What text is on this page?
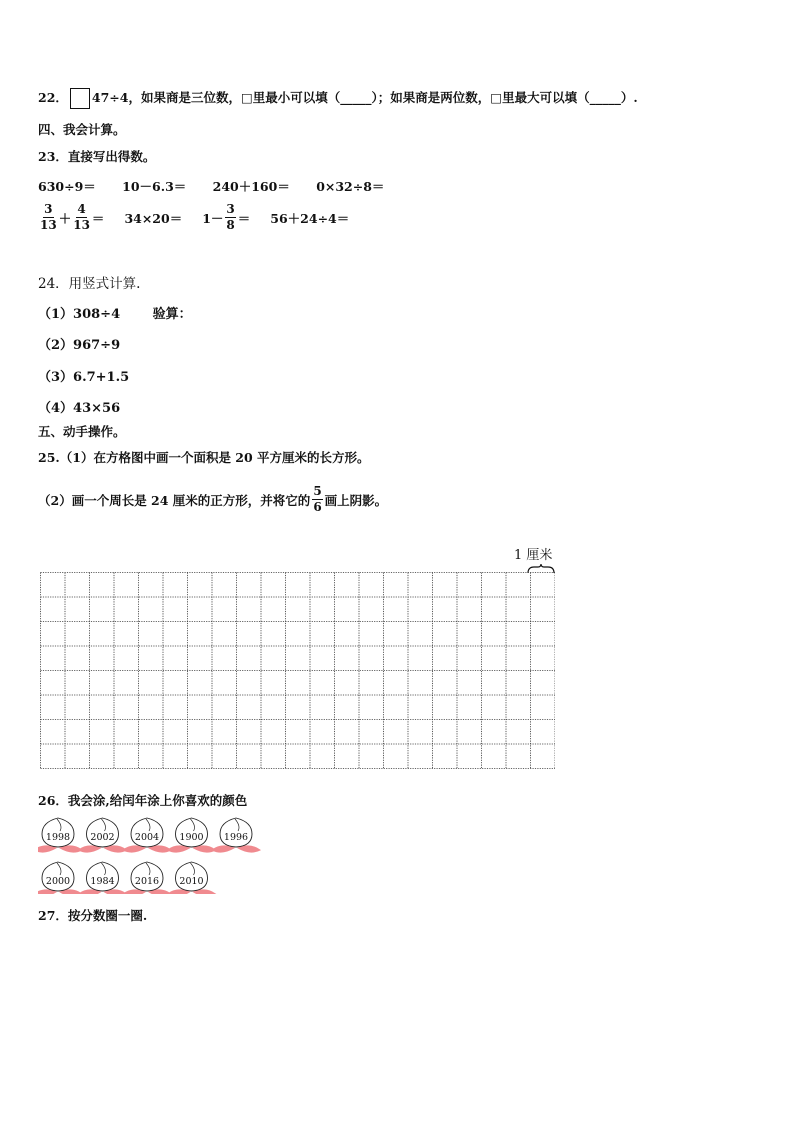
22． 47÷4，如果商是三位数，□里最小可以填（_____）；如果商是两位数，□里最大可以填（_____）.
四、我会计算。
23．直接写出得数。
630÷9＝ 10－6.3＝ 240＋160＝ 0×32÷8＝
$\frac{3}{13} + \frac{4}{13} = 34\times 20= 1- \frac{3}{8} = 56+24\div 4=$
24．用竖式计算.
（1）308÷4	验算：
（2）967÷9
（3）6.7+1.5
（4）43×56
五、动手操作。
25.（1）在方格图中画一个面积是 20 平方厘米的长方形。
（2）画一个周长是 24 厘米的正方形，并将它的 $\frac{5}{6}$ 画上阴影。
1 厘米
26．我会涂,给闰年涂上你喜欢的颜色
1998 2002 2004 1900 1996
2000 1984 2016 2010
27．按分数圈一圈.
